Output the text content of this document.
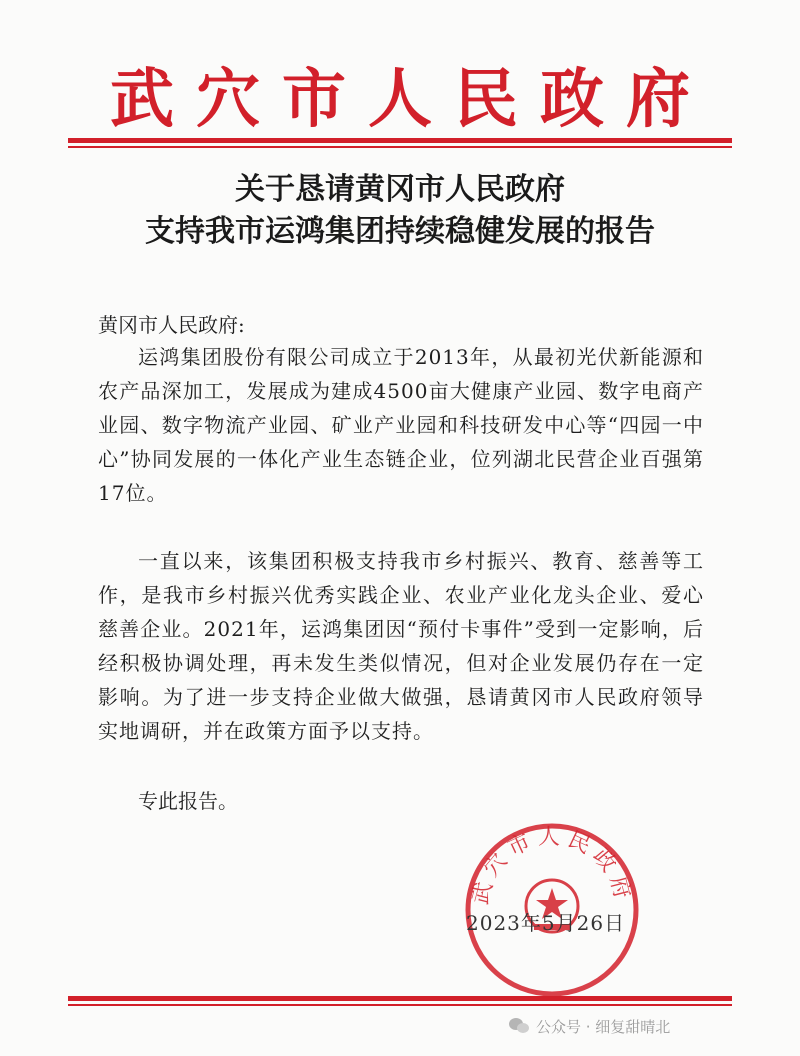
武穴市人民政府
关于恳请黄冈市人民政府
支持我市运鸿集团持续稳健发展的报告
黄冈市人民政府:
运鸿集团股份有限公司成立于2013年，从最初光伏新能源和农产品深加工，发展成为建成4500亩大健康产业园、数字电商产业园、数字物流产业园、矿业产业园和科技研发中心等“四园一中心”协同发展的一体化产业生态链企业，位列湖北民营企业百强第17位。
一直以来，该集团积极支持我市乡村振兴、教育、慈善等工作，是我市乡村振兴优秀实践企业、农业产业化龙头企业、爱心慈善企业。2021年，运鸿集团因“预付卡事件”受到一定影响，后经积极协调处理，再未发生类似情况，但对企业发展仍存在一定影响。为了进一步支持企业做大做强，恳请黄冈市人民政府领导实地调研，并在政策方面予以支持。
专此报告。
武穴市人民政府
2023年5月26日
公众号 · 细复甜晴北
